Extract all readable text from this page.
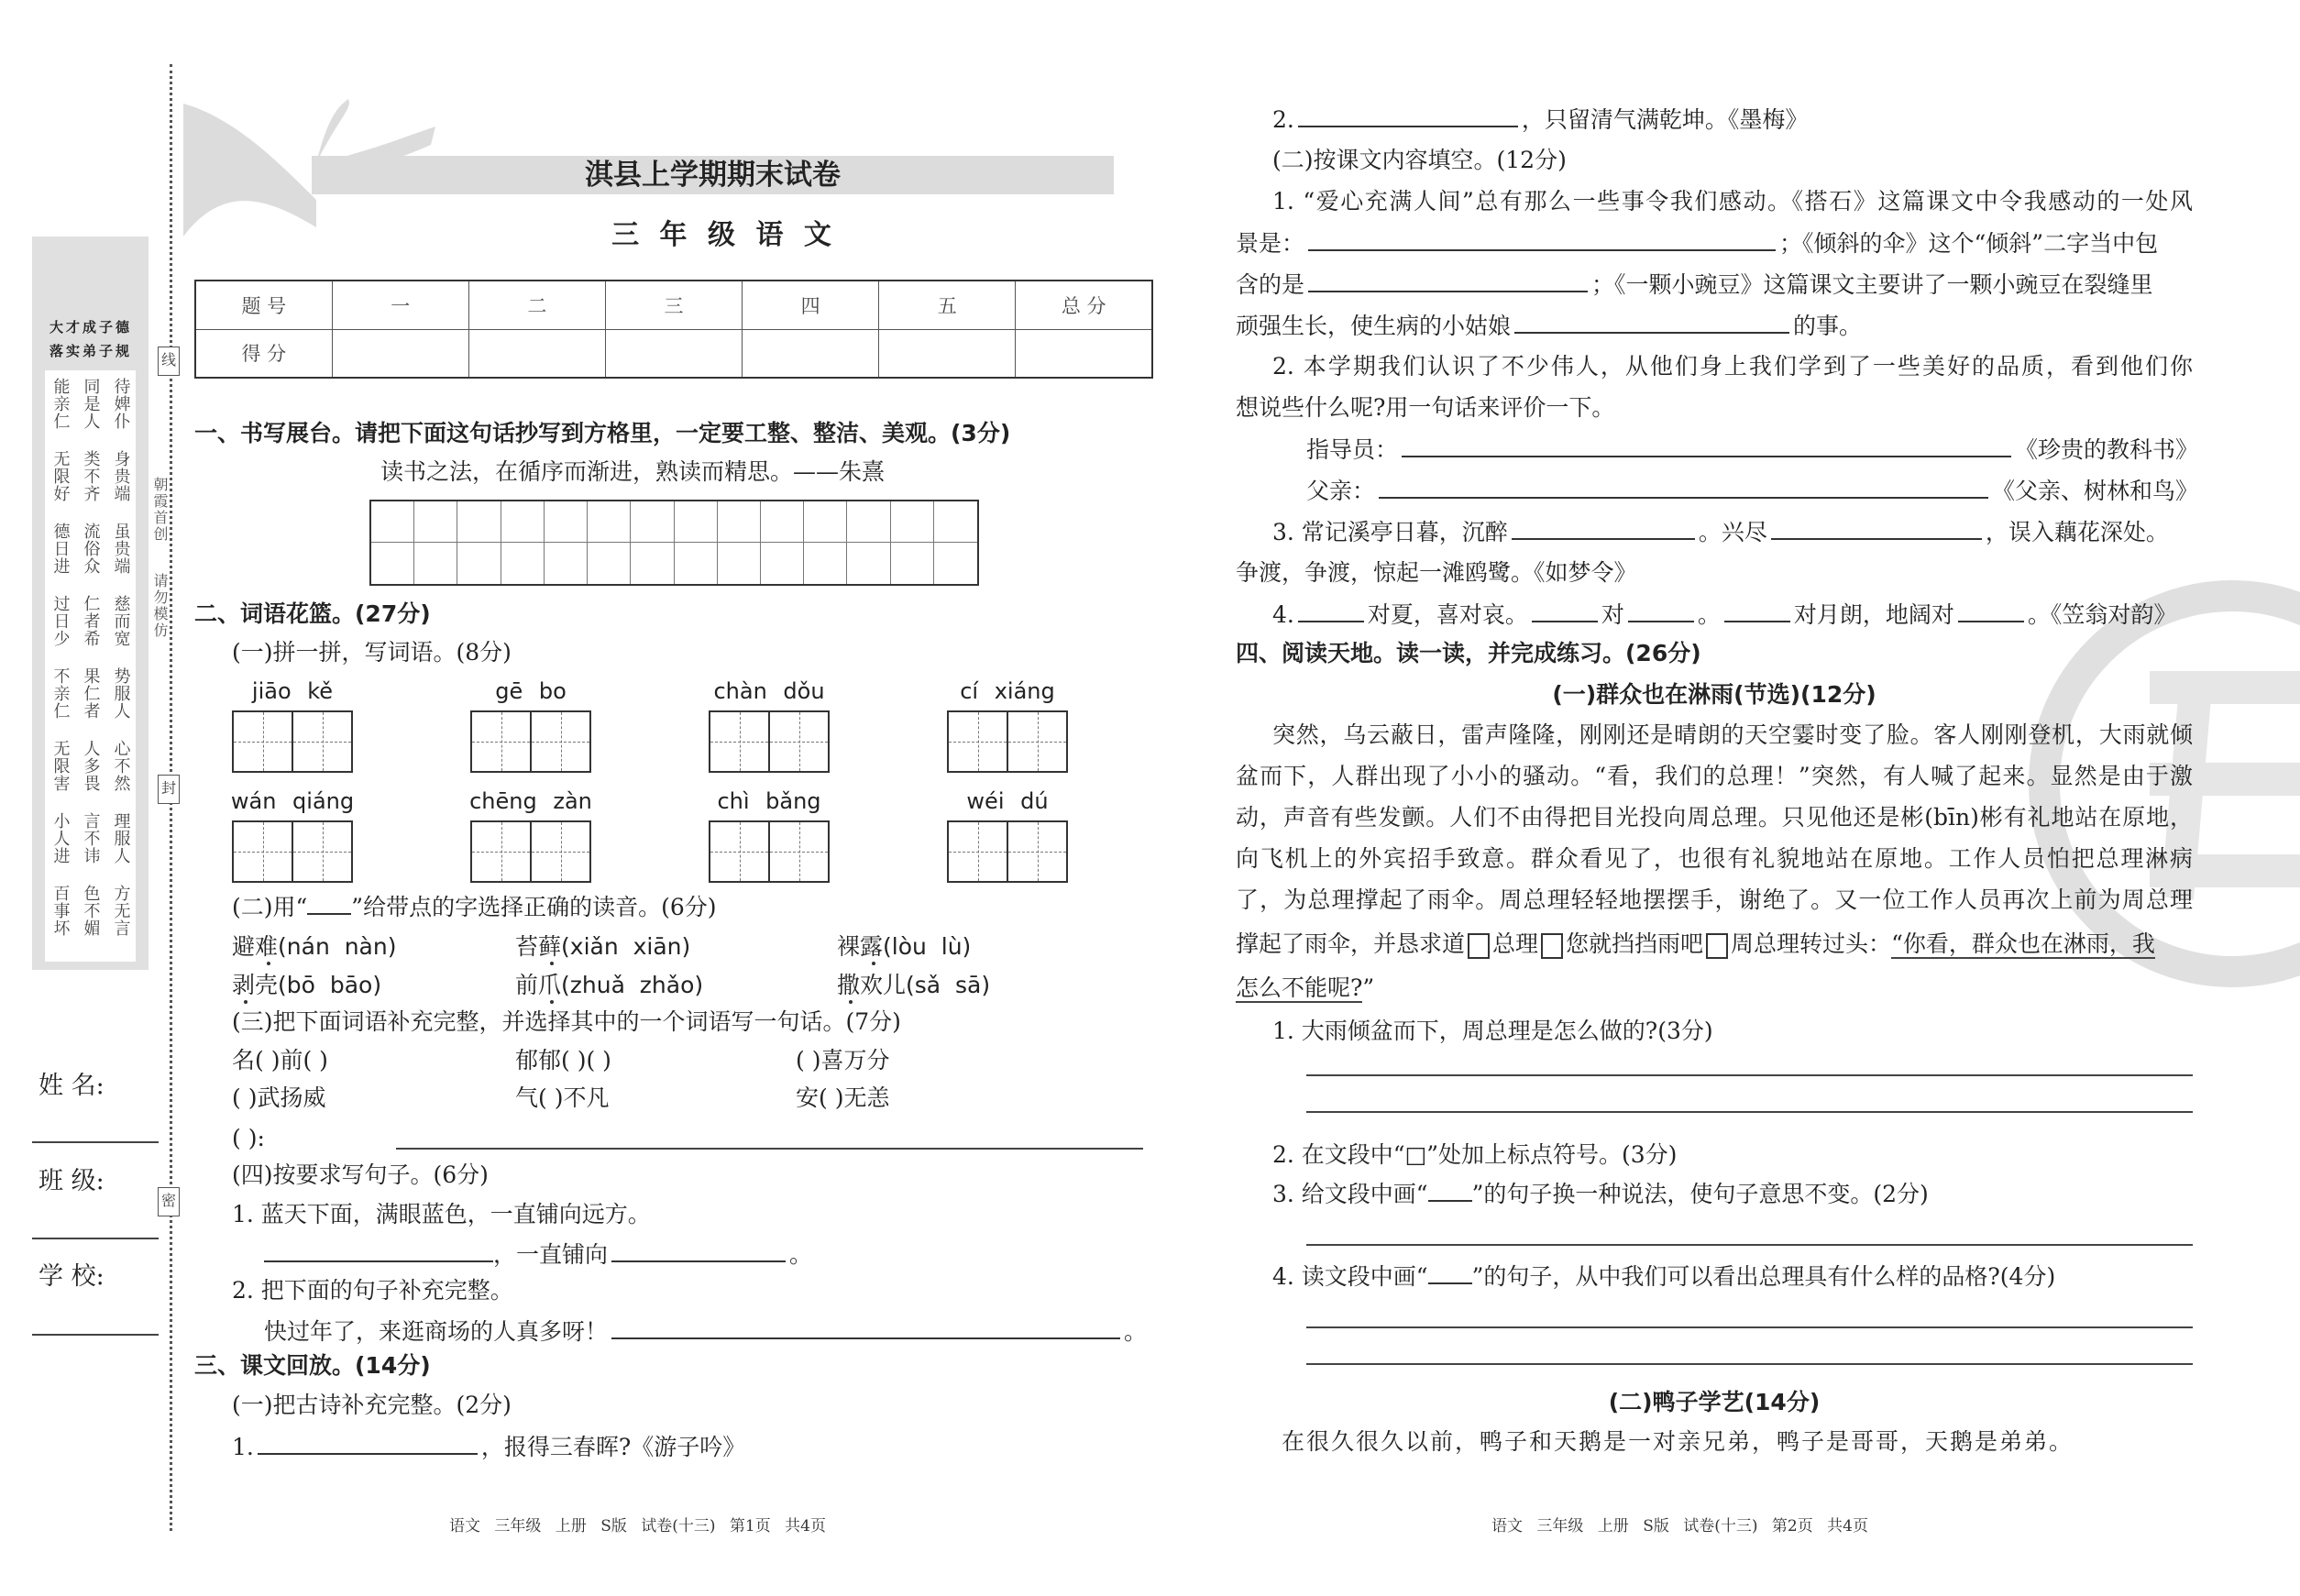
大才成子德
落实弟子规
能亲仁 同是人 待婢仆
无限好 类不齐 身贵端
德日进 流俗众 虽贵端
过日少 仁者希 慈而宽
不亲仁 果仁者 势服人
无限害 人多畏 心不然
小人进 言不讳 理服人
百事坏 色不媚 方无言
线
封
密
朝霞首创
请勿模仿
姓 名:
班 级:
学 校:
淇县上学期期末试卷
三 年 级 语 文
题 号	一	二	三	四	五	总 分
得 分						
一、书写展台。请把下面这句话抄写到方格里，一定要工整、整洁、美观。(3分)
读书之法，在循序而渐进，熟读而精思。——朱熹
二、词语花篮。(27分)
(一)拼一拼，写词语。(8分)
jiāo kě	gē bo	chàn dǒu	cí xiáng
wán qiáng	chēng zàn	chì bǎng	wéi dú
(二)用“ ”给带点的字选择正确的读音。(6分)
避难(nán  nàn)	苔藓(xiǎn  xiān)	裸露(lòu  lù)
剥壳(bō  bāo)	前爪(zhuǎ  zhǎo)	撒欢儿(sǎ  sā)
(三)把下面词语补充完整，并选择其中的一个词语写一句话。(7分)
名( )前( )	郁郁( )( )	( )喜万分
( )武扬威	气( )不凡	安( )无恙
( ):
(四)按要求写句子。(6分)
1. 蓝天下面，满眼蓝色，一直铺向远方。
，一直铺向	。
2. 把下面的句子补充完整。
快过年了，来逛商场的人真多呀！	。
三、课文回放。(14分)
(一)把古诗补充完整。(2分)
1.	，报得三春晖?《游子吟》
语文 三年级 上册 S版 试卷(十三) 第1页 共4页
2.	，只留清气满乾坤。《墨梅》
(二)按课文内容填空。(12分)
1. “爱心充满人间”总有那么一些事令我们感动。《搭石》这篇课文中令我感动的一处风
景是：	；《倾斜的伞》这个“倾斜”二字当中包
含的是	；《一颗小豌豆》这篇课文主要讲了一颗小豌豆在裂缝里
顽强生长，使生病的小姑娘	的事。
2. 本学期我们认识了不少伟人，从他们身上我们学到了一些美好的品质，看到他们你
想说些什么呢?用一句话来评价一下。
指导员：	《珍贵的教科书》
父亲：	《父亲、树林和鸟》
3. 常记溪亭日暮，沉醉	。兴尽	，误入藕花深处。
争渡，争渡，惊起一滩鸥鹭。《如梦令》
4.	对夏，喜对哀。	对	。	对月朗，地阔对	。《笠翁对韵》
四、阅读天地。读一读，并完成练习。(26分)
(一)群众也在淋雨(节选)(12分)
突然，乌云蔽日，雷声隆隆，刚刚还是晴朗的天空霎时变了脸。客人刚刚登机，大雨就倾
盆而下，人群出现了小小的骚动。“看，我们的总理！”突然，有人喊了起来。显然是由于激
动，声音有些发颤。人们不由得把目光投向周总理。只见他还是彬(bīn)彬有礼地站在原地，
向飞机上的外宾招手致意。群众看见了，也很有礼貌地站在原地。工作人员怕把总理淋病
了，为总理撑起了雨伞。周总理轻轻地摆摆手，谢绝了。又一位工作人员再次上前为周总理
撑起了雨伞，并恳求道 总理 您就挡挡雨吧 周总理转过头：“你看，群众也在淋雨，我
怎么不能呢?”
1. 大雨倾盆而下，周总理是怎么做的?(3分)
2. 在文段中“□”处加上标点符号。(3分)
3. 给文段中画“ ”的句子换一种说法，使句子意思不变。(2分)
4. 读文段中画“ ”的句子，从中我们可以看出总理具有什么样的品格?(4分)
(二)鸭子学艺(14分)
在很久很久以前，鸭子和天鹅是一对亲兄弟，鸭子是哥哥，天鹅是弟弟。
语文 三年级 上册 S版 试卷(十三) 第2页 共4页
